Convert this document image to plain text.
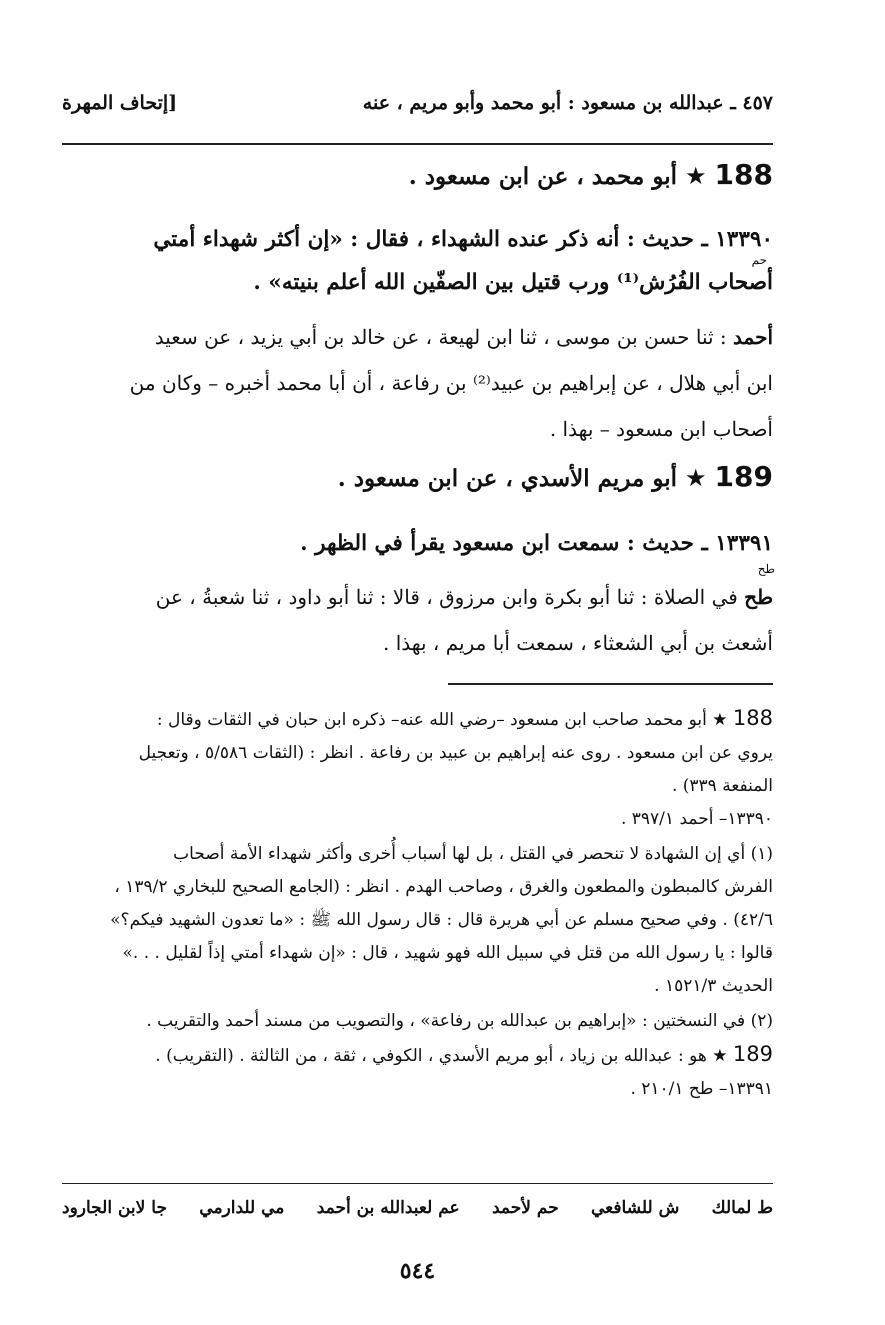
٤٥٧ ـ عبدالله بن مسعود : أبو محمد وأبو مريم ، عنه
[إتحاف المهرة
188★أبو محمد ، عن ابن مسعود .
١٣٣٩٠ ـ حديث : أنه ذكر عنده الشهداء ، فقال : «إن أكثر شهداء أمتي
أصحاب الفُرُش⁽¹⁾ ورب قتيل بين الصفّين الله أعلم بنيته» .
حم
أحمد : ثنا حسن بن موسى ، ثنا ابن لهيعة ، عن خالد بن أبي يزيد ، عن سعيد
ابن أبي هلال ، عن إبراهيم بن عبيد⁽²⁾ بن رفاعة ، أن أبا محمد أخبره – وكان من
أصحاب ابن مسعود – بهذا .
189★أبو مريم الأسدي ، عن ابن مسعود .
١٣٣٩١ ـ حديث : سمعت ابن مسعود يقرأ في الظهر .
طح
طح في الصلاة : ثنا أبو بكرة وابن مرزوق ، قالا : ثنا أبو داود ، ثنا شعبةُ ، عن
أشعث بن أبي الشعثاء ، سمعت أبا مريم ، بهذا .
188 ★ أبو محمد صاحب ابن مسعود –رضي الله عنه– ذكره ابن حبان في الثقات وقال :
يروي عن ابن مسعود . روى عنه إبراهيم بن عبيد بن رفاعة . انظر : (الثقات ٥/٥٨٦ ، وتعجيل
المنفعة ٣٣٩) .
١٣٣٩٠– أحمد ٣٩٧/١ .
(١) أي إن الشهادة لا تنحصر في القتل ، بل لها أسباب أُخرى وأكثر شهداء الأمة أصحاب
الفرش كالمبطون والمطعون والغرق ، وصاحب الهدم . انظر : (الجامع الصحيح للبخاري ١٣٩/٢ ،
٤٢/٦) . وفي صحيح مسلم عن أبي هريرة قال : قال رسول الله ﷺ : «ما تعدون الشهيد فيكم؟»
قالوا : يا رسول الله من قتل في سبيل الله فهو شهيد ، قال : «إن شهداء أمتي إذاً لقليل . . .»
الحديث ١٥٢١/٣ .
(٢) في النسختين : «إبراهيم بن عبدالله بن رفاعة» ، والتصويب من مسند أحمد والتقريب .
189 ★ هو : عبدالله بن زياد ، أبو مريم الأسدي ، الكوفي ، ثقة ، من الثالثة . (التقريب) .
١٣٣٩١– طح ٢١٠/١ .
ط لمالك
ش للشافعي
حم لأحمد
عم لعبدالله بن أحمد
مي للدارمي
جا لابن الجارود
٥٤٤
